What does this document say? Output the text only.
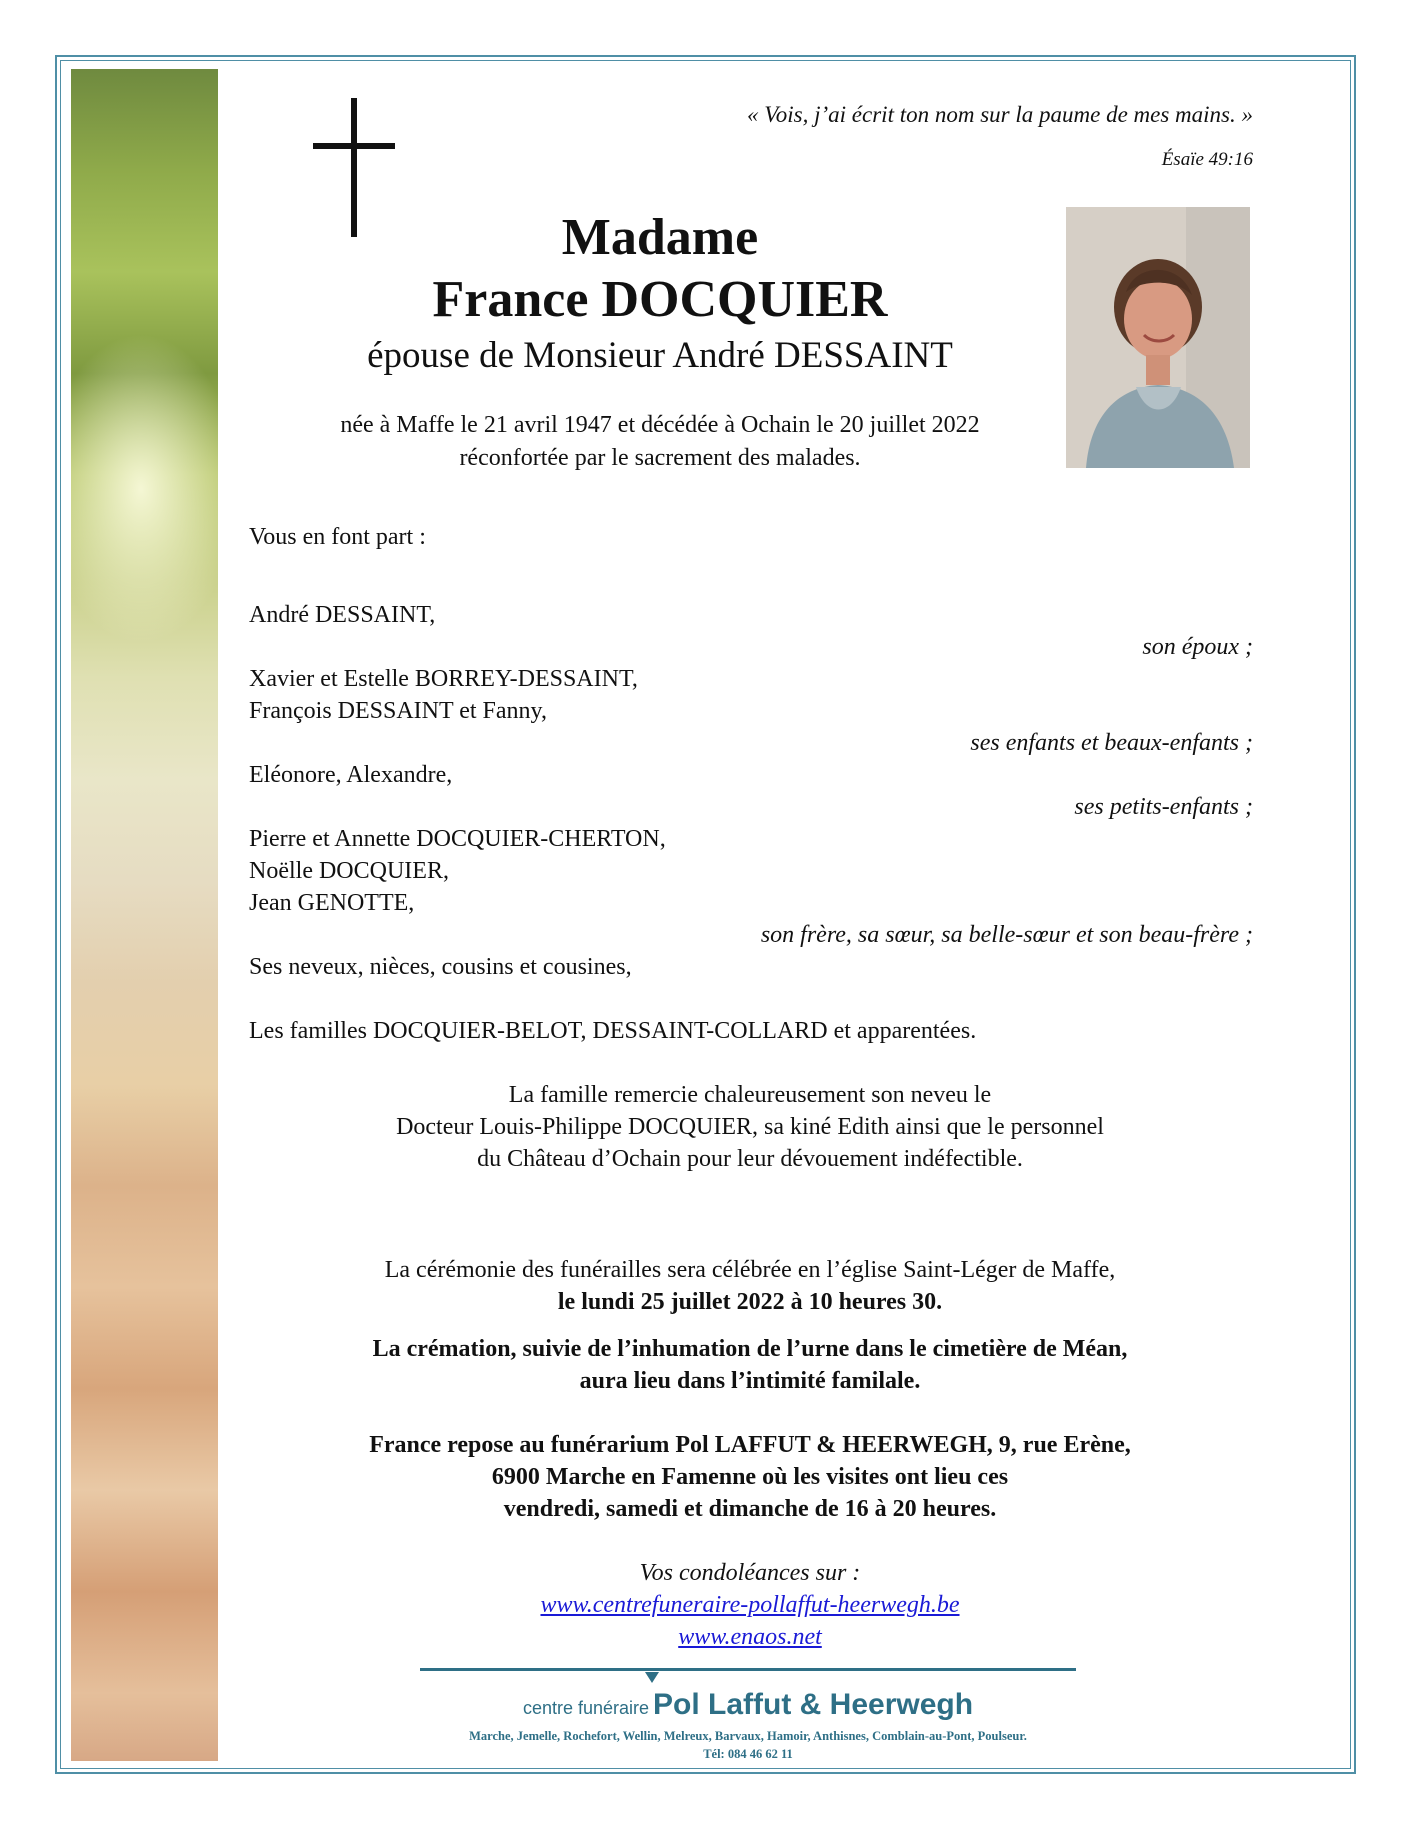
« Vois, j’ai écrit ton nom sur la paume de mes mains. »
Ésaïe 49:16
Madame
France DOCQUIER
épouse de Monsieur André DESSAINT
née à Maffe le 21 avril 1947 et décédée à Ochain le 20 juillet 2022
réconfortée par le sacrement des malades.
Vous en font part :
André DESSAINT,
son époux ;
Xavier et Estelle BORREY-DESSAINT,
François DESSAINT et Fanny,
ses enfants et beaux-enfants ;
Eléonore, Alexandre,
ses petits-enfants ;
Pierre et Annette DOCQUIER-CHERTON,
Noëlle DOCQUIER,
Jean GENOTTE,
son frère, sa sœur, sa belle-sœur et son beau-frère ;
Ses neveux, nièces, cousins et cousines,
Les familles DOCQUIER-BELOT, DESSAINT-COLLARD et apparentées.
La famille remercie chaleureusement son neveu le
Docteur Louis-Philippe DOCQUIER, sa kiné Edith ainsi que le personnel
du Château d’Ochain pour leur dévouement indéfectible.
La cérémonie des funérailles sera célébrée en l’église Saint-Léger de Maffe,
le lundi 25 juillet 2022 à 10 heures 30.
La crémation, suivie de l’inhumation de l’urne dans le cimetière de Méan,
aura lieu dans l’intimité familale.
France repose au funérarium Pol LAFFUT & HEERWEGH, 9, rue Erène,
6900 Marche en Famenne où les visites ont lieu ces
vendredi, samedi et dimanche de 16 à 20 heures.
Vos condoléances sur :
www.centrefuneraire-pollaffut-heerwegh.be
www.enaos.net
centre funéraire Pol Laffut & Heerwegh
Marche, Jemelle, Rochefort, Wellin, Melreux, Barvaux, Hamoir, Anthisnes, Comblain-au-Pont, Poulseur.
Tél: 084 46 62 11
